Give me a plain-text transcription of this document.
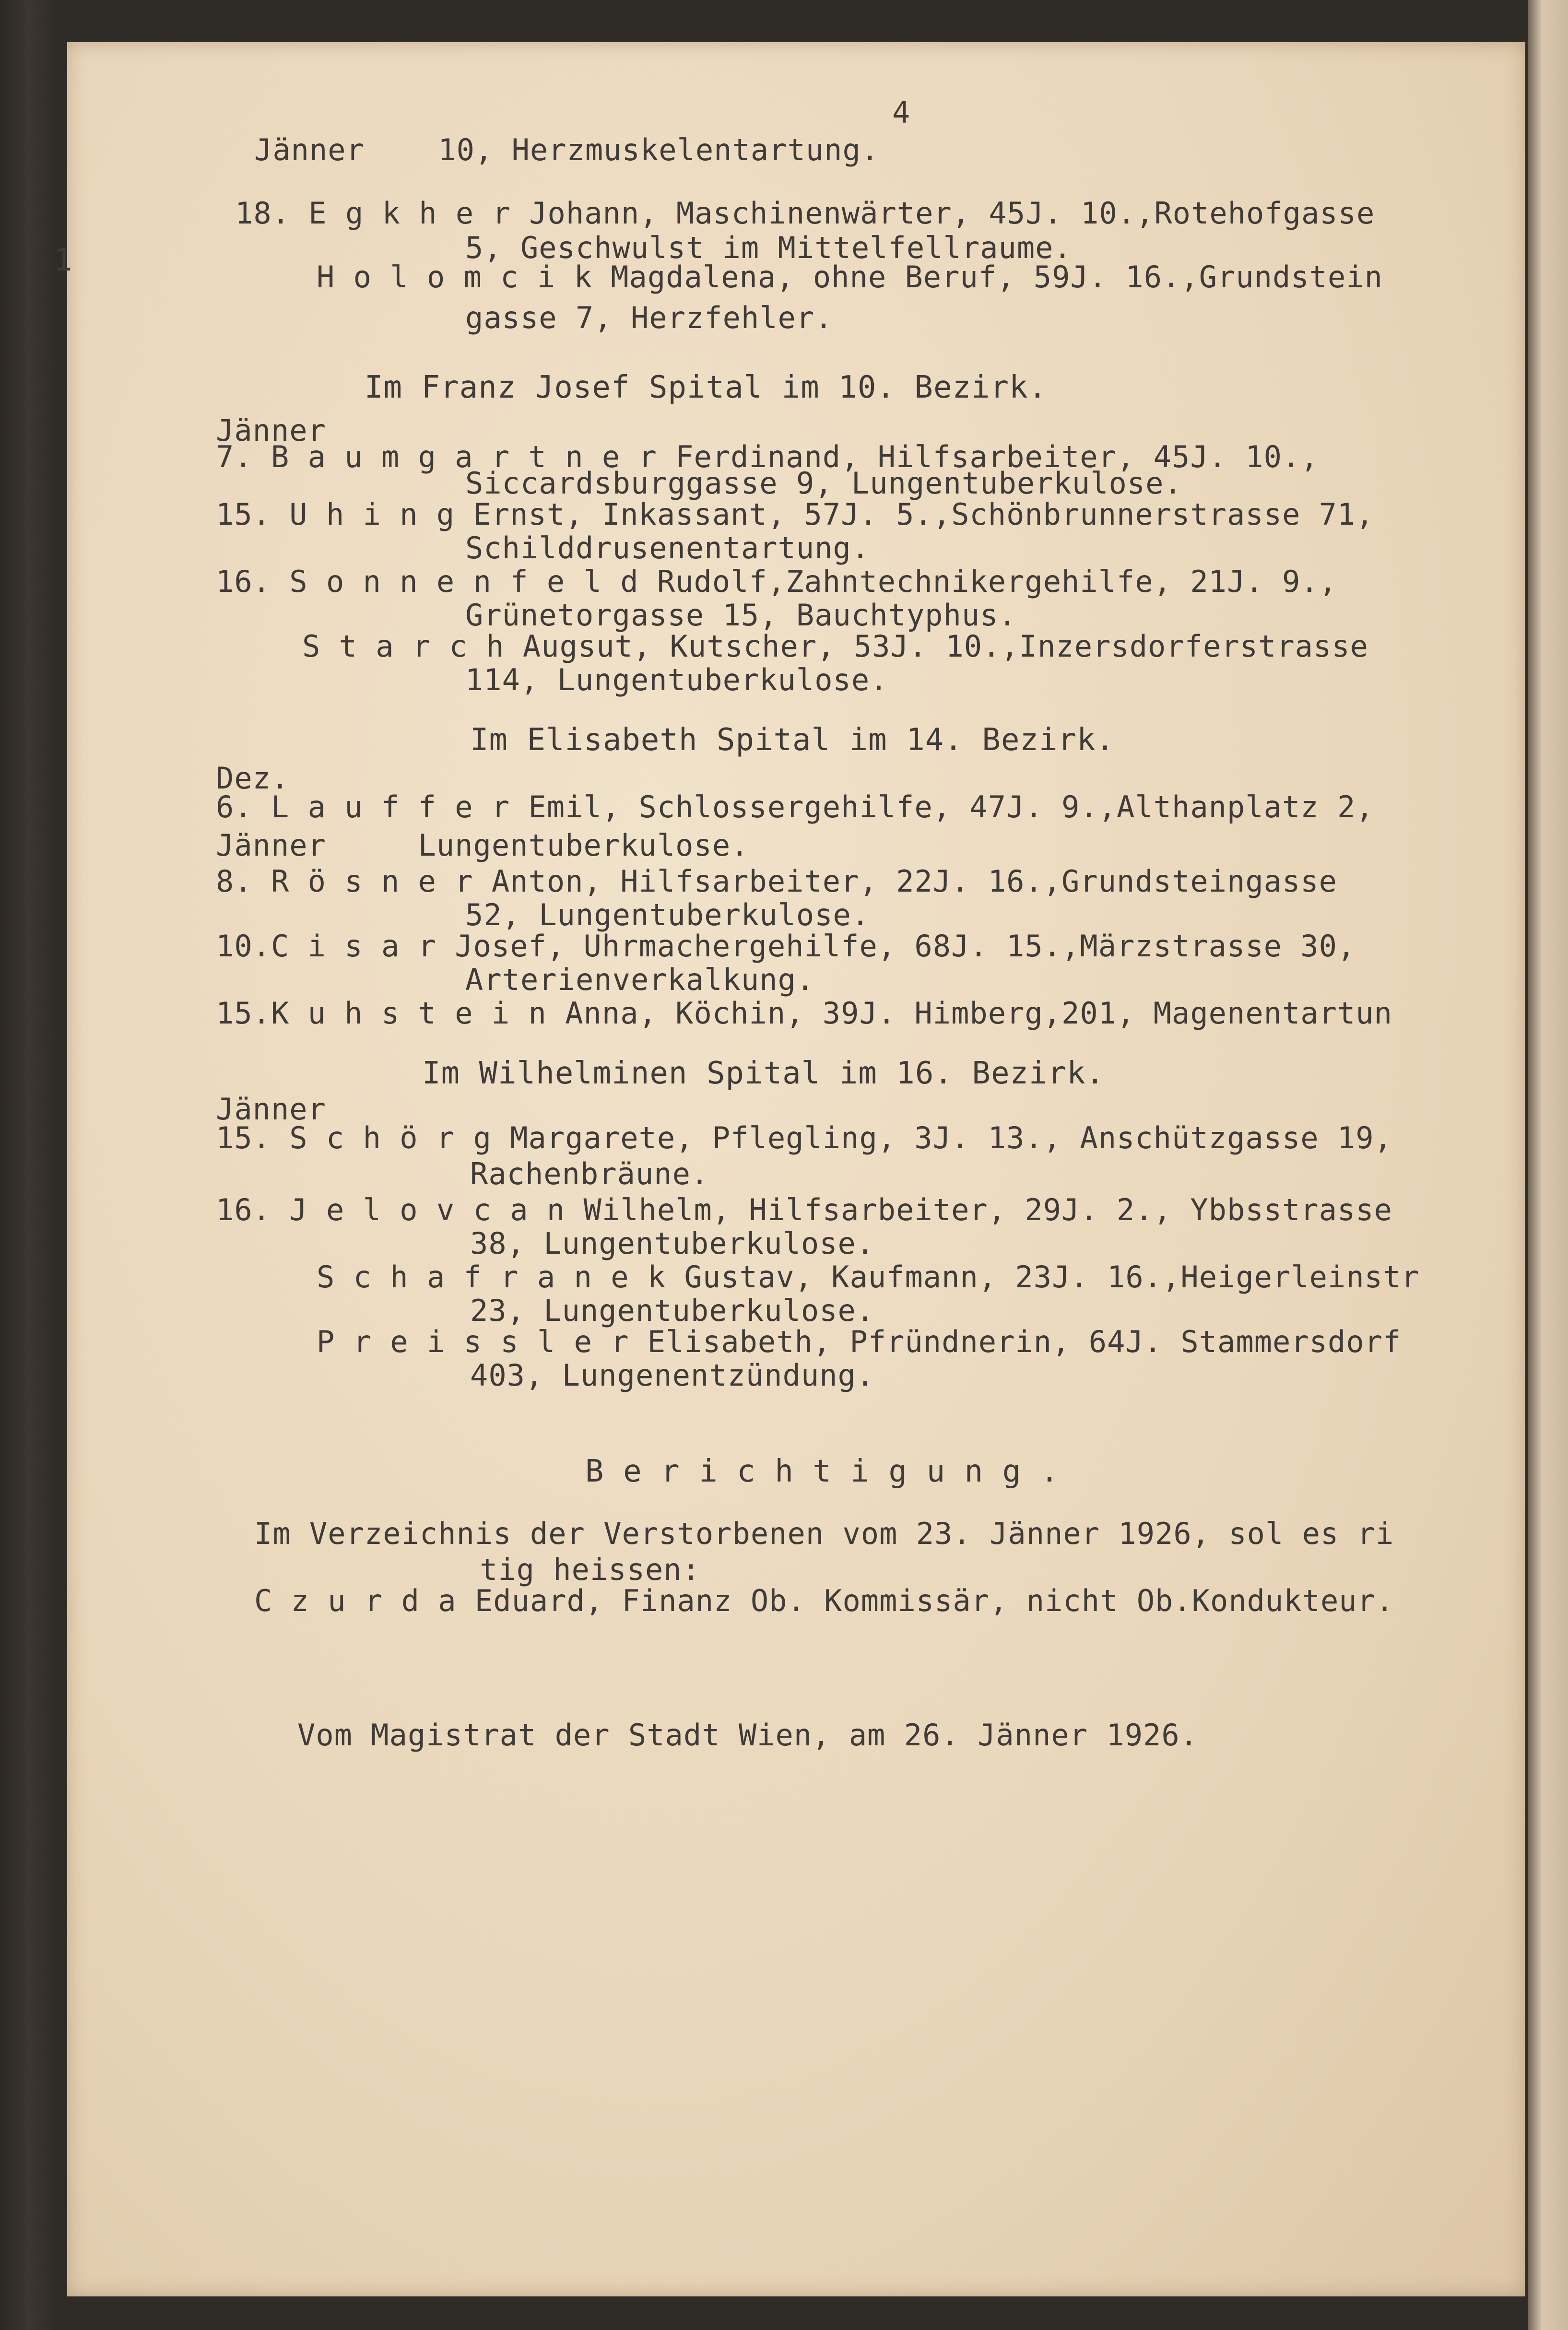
4
1
Jänner    10, Herzmuskelentartung.
18. E g k h e r Johann, Maschinenwärter, 45J. 10.,Rotehofgasse
5, Geschwulst im Mittelfellraume.
H o l o m c i k Magdalena, ohne Beruf, 59J. 16.,Grundstein
gasse 7, Herzfehler.
Im Franz Josef Spital im 10. Bezirk.
Jänner
7. B a u m g a r t n e r Ferdinand, Hilfsarbeiter, 45J. 10.,
Siccardsburggasse 9, Lungentuberkulose.
15. U h i n g Ernst, Inkassant, 57J. 5.,Schönbrunnerstrasse 71,
Schilddrusenentartung.
16. S o n n e n f e l d Rudolf,Zahntechnikergehilfe, 21J. 9.,
Grünetorgasse 15, Bauchtyphus.
S t a r c h Augsut, Kutscher, 53J. 10.,Inzersdorferstrasse
114, Lungentuberkulose.
Im Elisabeth Spital im 14. Bezirk.
Dez.
6. L a u f f e r Emil, Schlossergehilfe, 47J. 9.,Althanplatz 2,
Jänner     Lungentuberkulose.
8. R ö s n e r Anton, Hilfsarbeiter, 22J. 16.,Grundsteingasse
52, Lungentuberkulose.
10.C i s a r Josef, Uhrmachergehilfe, 68J. 15.,Märzstrasse 30,
Arterienverkalkung.
15.K u h s t e i n Anna, Köchin, 39J. Himberg,201, Magenentartun
Im Wilhelminen Spital im 16. Bezirk.
Jänner
15. S c h ö r g Margarete, Pflegling, 3J. 13., Anschützgasse 19,
Rachenbräune.
16. J e l o v c a n Wilhelm, Hilfsarbeiter, 29J. 2., Ybbsstrasse
38, Lungentuberkulose.
S c h a f r a n e k Gustav, Kaufmann, 23J. 16.,Heigerleinstr
23, Lungentuberkulose.
P r e i s s l e r Elisabeth, Pfründnerin, 64J. Stammersdorf
403, Lungenentzündung.
B e r i c h t i g u n g .
Im Verzeichnis der Verstorbenen vom 23. Jänner 1926, sol es ri
tig heissen:
C z u r d a Eduard, Finanz Ob. Kommissär, nicht Ob.Kondukteur.
Vom Magistrat der Stadt Wien, am 26. Jänner 1926.
